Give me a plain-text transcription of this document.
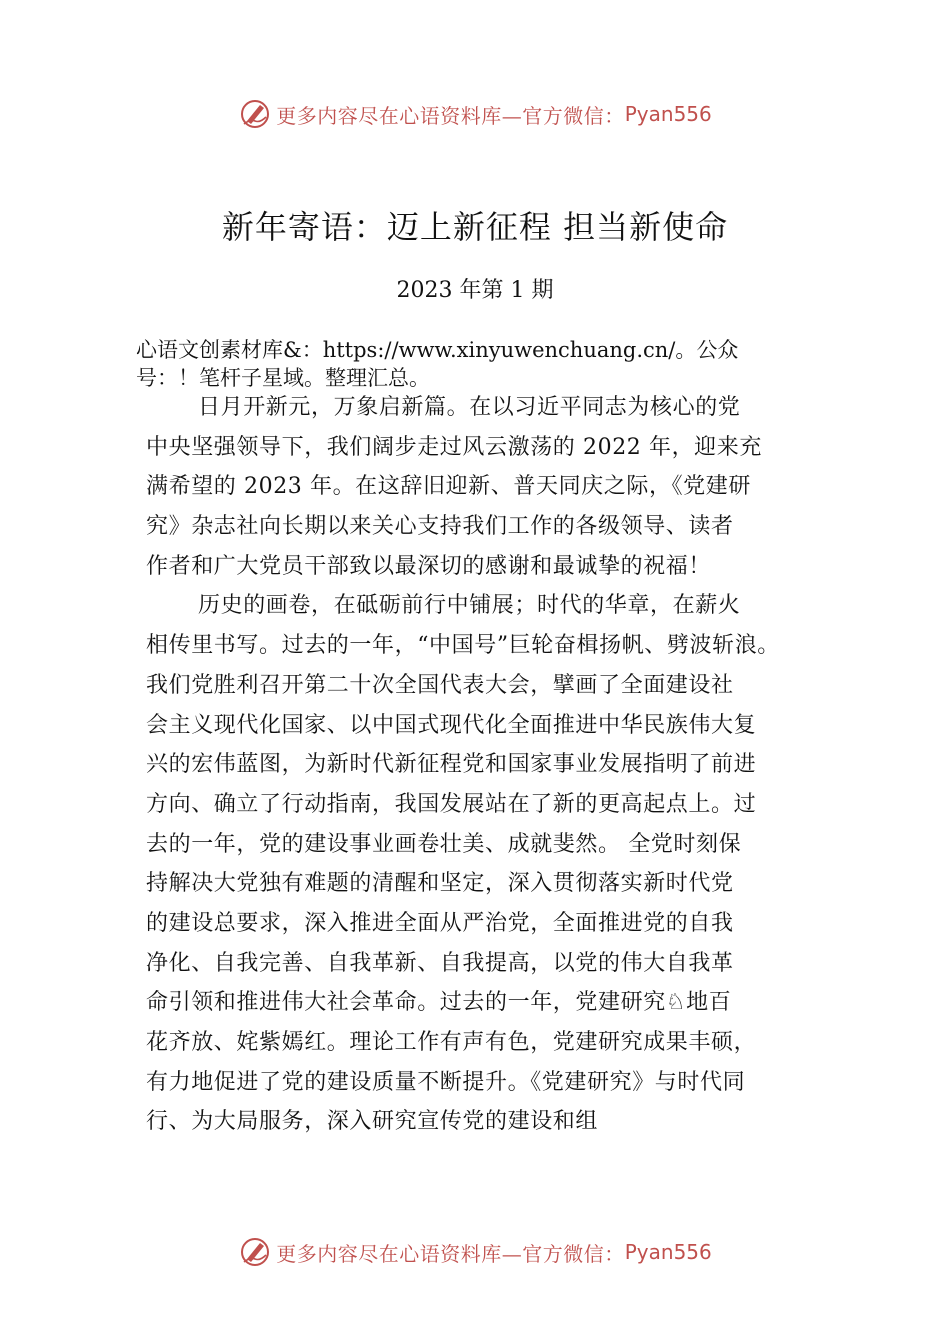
更多内容尽在心语资料库—官方微信： Pyan556
新年寄语：迈上新征程 担当新使命
2023 年第 1 期
心语文创素材库&：https://www.xinyuwenchuang.cn/。公众
号：！笔杆子星域。整理汇总。
日月开新元，万象启新篇。在以习近平同志为核心的党
中央坚强领导下，我们阔步走过风云激荡的 2022 年，迎来充
满希望的 2023 年。在这辞旧迎新、普天同庆之际，《党建研
究》杂志社向长期以来关心支持我们工作的各级领导、读者
作者和广大党员干部致以最深切的感谢和最诚挚的祝福！
历史的画卷，在砥砺前行中铺展；时代的华章，在薪火
相传里书写。过去的一年，“中国号”巨轮奋楫扬帆、劈波斩浪。
我们党胜利召开第二十次全国代表大会，擘画了全面建设社
会主义现代化国家、以中国式现代化全面推进中华民族伟大复
兴的宏伟蓝图，为新时代新征程党和国家事业发展指明了前进
方向、确立了行动指南，我国发展站在了新的更高起点上。过
去的一年，党的建设事业画卷壮美、成就斐然。 全党时刻保
持解决大党独有难题的清醒和坚定，深入贯彻落实新时代党
的建设总要求，深入推进全面从严治党，全面推进党的自我
净化、自我完善、自我革新、自我提高，以党的伟大自我革
命引领和推进伟大社会革命。过去的一年，党建研究♘地百
花齐放、姹紫嫣红。理论工作有声有色，党建研究成果丰硕，
有力地促进了党的建设质量不断提升。《党建研究》与时代同
行、为大局服务，深入研究宣传党的建设和组
更多内容尽在心语资料库—官方微信： Pyan556
